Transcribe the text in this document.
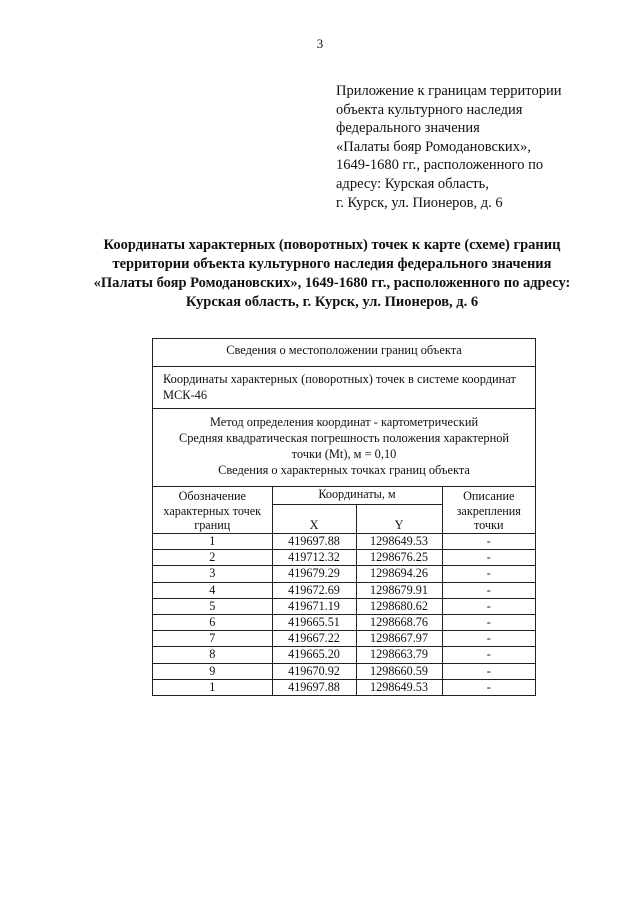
3
Приложение к границам территории
объекта культурного наследия
федерального значения
«Палаты бояр Ромодановских»,
1649-1680 гг., расположенного по
адресу: Курская область,
г. Курск, ул. Пионеров, д. 6
Координаты характерных (поворотных) точек к карте (схеме) границ
территории объекта культурного наследия федерального значения
«Палаты бояр Ромодановских», 1649-1680 гг., расположенного по адресу:
Курская область, г. Курск, ул. Пионеров, д. 6
Сведения о местоположении границ объекта
Координаты характерных (поворотных) точек в системе координат
МСК-46
Метод определения координат - картометрический
Средняя квадратическая погрешность положения характерной
точки (Mt), м = 0,10
Сведения о характерных точках границ объекта
Обозначение
характерных точек
границ	Координаты, м		Описание
закрепления
точки

	X	Y	
1	419697.88	1298649.53	-
2	419712.32	1298676.25	-
3	419679.29	1298694.26	-
4	419672.69	1298679.91	-
5	419671.19	1298680.62	-
6	419665.51	1298668.76	-
7	419667.22	1298667.97	-
8	419665.20	1298663.79	-
9	419670.92	1298660.59	-
1	419697.88	1298649.53	-
